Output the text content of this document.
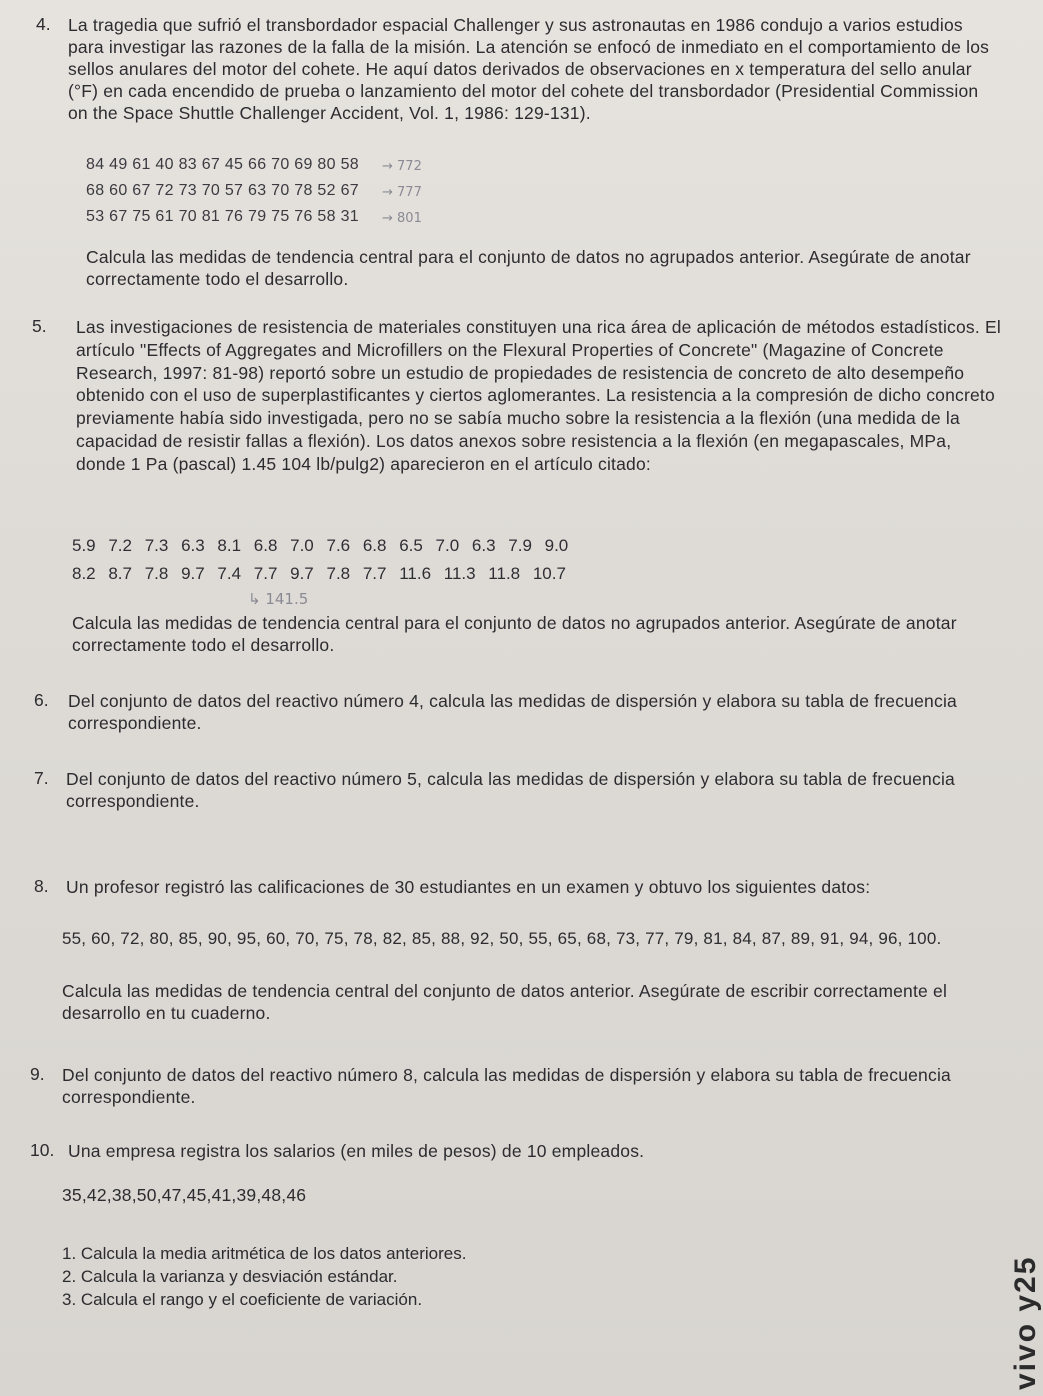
4. La tragedia que sufrió el transbordador espacial Challenger y sus astronautas en 1986 condujo a varios estudios para investigar las razones de la falla de la misión. La atención se enfocó de inmediato en el comportamiento de los sellos anulares del motor del cohete. He aquí datos derivados de observaciones en x temperatura del sello anular (°F) en cada encendido de prueba o lanzamiento del motor del cohete del transbordador (Presidential Commission on the Space Shuttle Challenger Accident, Vol. 1, 1986: 129-131).

84 49 61 40 83 67 45 66 70 69 80 58 → 772
68 60 67 72 73 70 57 63 70 78 52 67 → 777
53 67 75 61 70 81 76 79 75 76 58 31 → 801

Calcula las medidas de tendencia central para el conjunto de datos no agrupados anterior. Asegúrate de anotar correctamente todo el desarrollo.

5. Las investigaciones de resistencia de materiales constituyen una rica área de aplicación de métodos estadísticos. El artículo "Effects of Aggregates and Microfillers on the Flexural Properties of Concrete" (Magazine of Concrete Research, 1997: 81-98) reportó sobre un estudio de propiedades de resistencia de concreto de alto desempeño obtenido con el uso de superplastificantes y ciertos aglomerantes. La resistencia a la compresión de dicho concreto previamente había sido investigada, pero no se sabía mucho sobre la resistencia a la flexión (una medida de la capacidad de resistir fallas a flexión). Los datos anexos sobre resistencia a la flexión (en megapascales, MPa, donde 1 Pa (pascal) 1.45 104 lb/pulg2) aparecieron en el artículo citado:

5.9 7.2 7.3 6.3 8.1 6.8 7.0 7.6 6.8 6.5 7.0 6.3 7.9 9.0
8.2 8.7 7.8 9.7 7.4 7.7 9.7 7.8 7.7 11.6 11.3 11.8 10.7
↳ 141.5

Calcula las medidas de tendencia central para el conjunto de datos no agrupados anterior. Asegúrate de anotar correctamente todo el desarrollo.

6. Del conjunto de datos del reactivo número 4, calcula las medidas de dispersión y elabora su tabla de frecuencia correspondiente.

7. Del conjunto de datos del reactivo número 5, calcula las medidas de dispersión y elabora su tabla de frecuencia correspondiente.

8. Un profesor registró las calificaciones de 30 estudiantes en un examen y obtuvo los siguientes datos:

55, 60, 72, 80, 85, 90, 95, 60, 70, 75, 78, 82, 85, 88, 92, 50, 55, 65, 68, 73, 77, 79, 81, 84, 87, 89, 91, 94, 96, 100.

Calcula las medidas de tendencia central del conjunto de datos anterior. Asegúrate de escribir correctamente el desarrollo en tu cuaderno.

9. Del conjunto de datos del reactivo número 8, calcula las medidas de dispersión y elabora su tabla de frecuencia correspondiente.

10. Una empresa registra los salarios (en miles de pesos) de 10 empleados.

35,42,38,50,47,45,41,39,48,46

1. Calcula la media aritmética de los datos anteriores.
2. Calcula la varianza y desviación estándar.
3. Calcula el rango y el coeficiente de variación.	vivo y25
